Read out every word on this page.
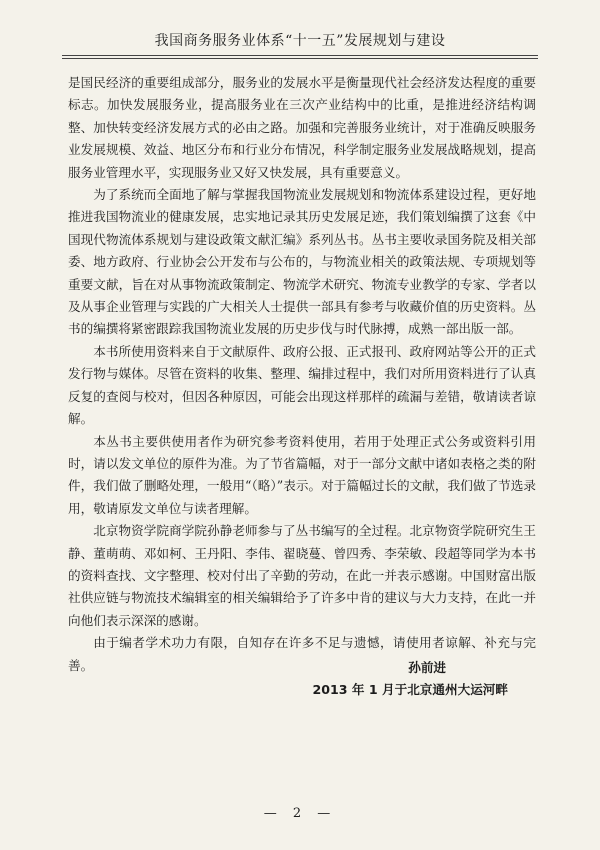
我国商务服务业体系“十一五”发展规划与建设

是国民经济的重要组成部分，服务业的发展水平是衡量现代社会经济发达程度的重要标志。加快发展服务业，提高服务业在三次产业结构中的比重，是推进经济结构调整、加快转变经济发展方式的必由之路。加强和完善服务业统计，对于准确反映服务业发展规模、效益、地区分布和行业分布情况，科学制定服务业发展战略规划，提高服务业管理水平，实现服务业又好又快发展，具有重要意义。

为了系统而全面地了解与掌握我国物流业发展规划和物流体系建设过程，更好地推进我国物流业的健康发展，忠实地记录其历史发展足迹，我们策划编撰了这套《中国现代物流体系规划与建设政策文献汇编》系列丛书。丛书主要收录国务院及相关部委、地方政府、行业协会公开发布与公布的，与物流业相关的政策法规、专项规划等重要文献，旨在对从事物流政策制定、物流学术研究、物流专业教学的专家、学者以及从事企业管理与实践的广大相关人士提供一部具有参考与收藏价值的历史资料。丛书的编撰将紧密跟踪我国物流业发展的历史步伐与时代脉搏，成熟一部出版一部。

本书所使用资料来自于文献原件、政府公报、正式报刊、政府网站等公开的正式发行物与媒体。尽管在资料的收集、整理、编排过程中，我们对所用资料进行了认真反复的查阅与校对，但因各种原因，可能会出现这样那样的疏漏与差错，敬请读者谅解。

本丛书主要供使用者作为研究参考资料使用，若用于处理正式公务或资料引用时，请以发文单位的原件为准。为了节省篇幅，对于一部分文献中诸如表格之类的附件，我们做了删略处理，一般用“（略）”表示。对于篇幅过长的文献，我们做了节选录用，敬请原发文单位与读者理解。

北京物资学院商学院孙静老师参与了丛书编写的全过程。北京物资学院研究生王静、董萌萌、邓如柯、王丹阳、李伟、翟晓蔓、曾四秀、李荣敏、段超等同学为本书的资料查找、文字整理、校对付出了辛勤的劳动，在此一并表示感谢。中国财富出版社供应链与物流技术编辑室的相关编辑给予了许多中肯的建议与大力支持，在此一并向他们表示深深的感谢。

由于编者学术功力有限，自知存在许多不足与遗憾，请使用者谅解、补充与完善。	孙前进
2013 年 1 月于北京通州大运河畔
— 2 —
